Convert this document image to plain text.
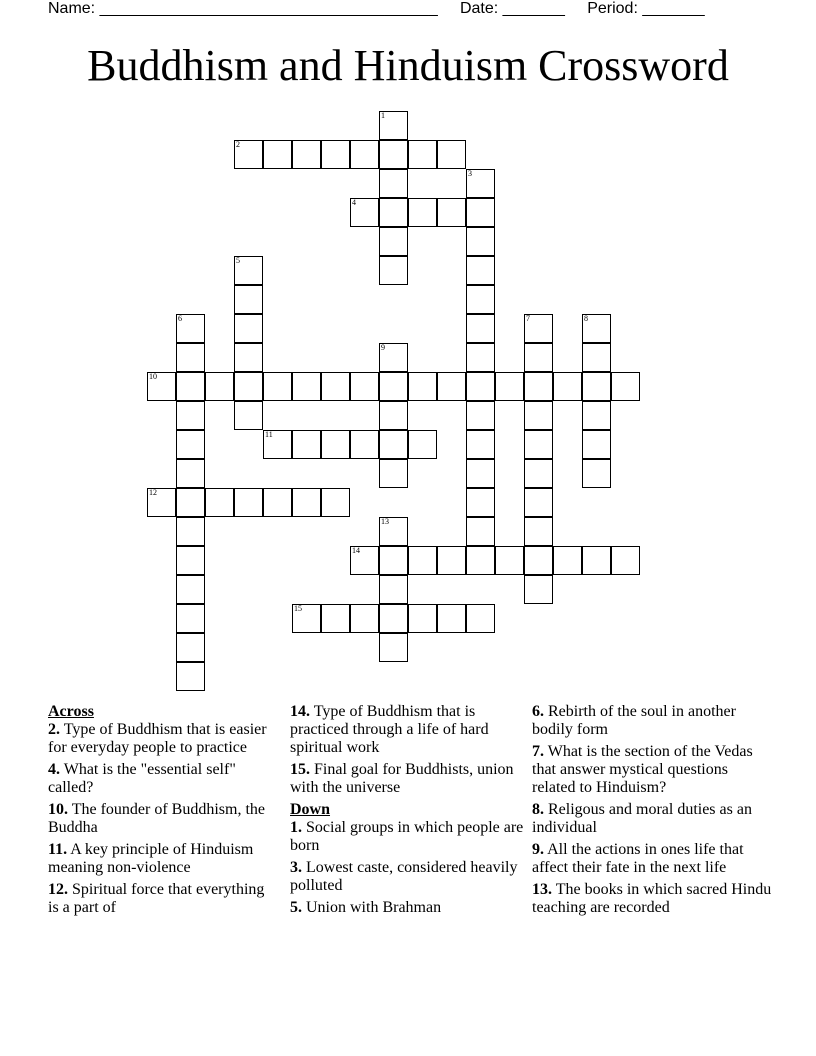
Name: ______________________________________ Date: _______ Period: _______
Buddhism and Hinduism Crossword
1
2
3
4
5
6	7	8
9
10
11
12
13
14
15
Across
2. Type of Buddhism that is easier for everyday people to practice
4. What is the "essential self" called?
10. The founder of Buddhism, the Buddha
11. A key principle of Hinduism meaning non-violence
12. Spiritual force that everything is a part of
14. Type of Buddhism that is practiced through a life of hard spiritual work
15. Final goal for Buddhists, union with the universe
Down
1. Social groups in which people are born
3. Lowest caste, considered heavily polluted
5. Union with Brahman
6. Rebirth of the soul in another bodily form
7. What is the section of the Vedas that answer mystical questions related to Hinduism?
8. Religous and moral duties as an individual
9. All the actions in ones life that affect their fate in the next life
13. The books in which sacred Hindu teaching are recorded
